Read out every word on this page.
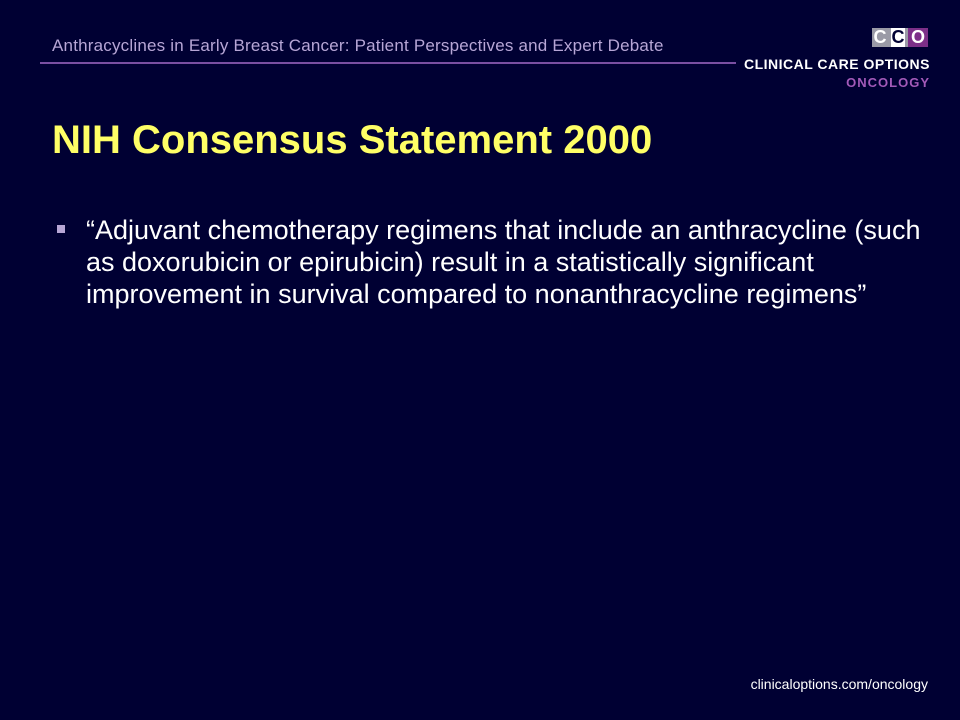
Anthracyclines in Early Breast Cancer: Patient Perspectives and Expert Debate	C C O
CLINICAL CARE OPTIONS
ONCOLOGY
NIH Consensus Statement 2000
“Adjuvant chemotherapy regimens that include an anthracycline (such as doxorubicin or epirubicin) result in a statistically significant improvement in survival compared to nonanthracycline regimens”
clinicaloptions.com/oncology
